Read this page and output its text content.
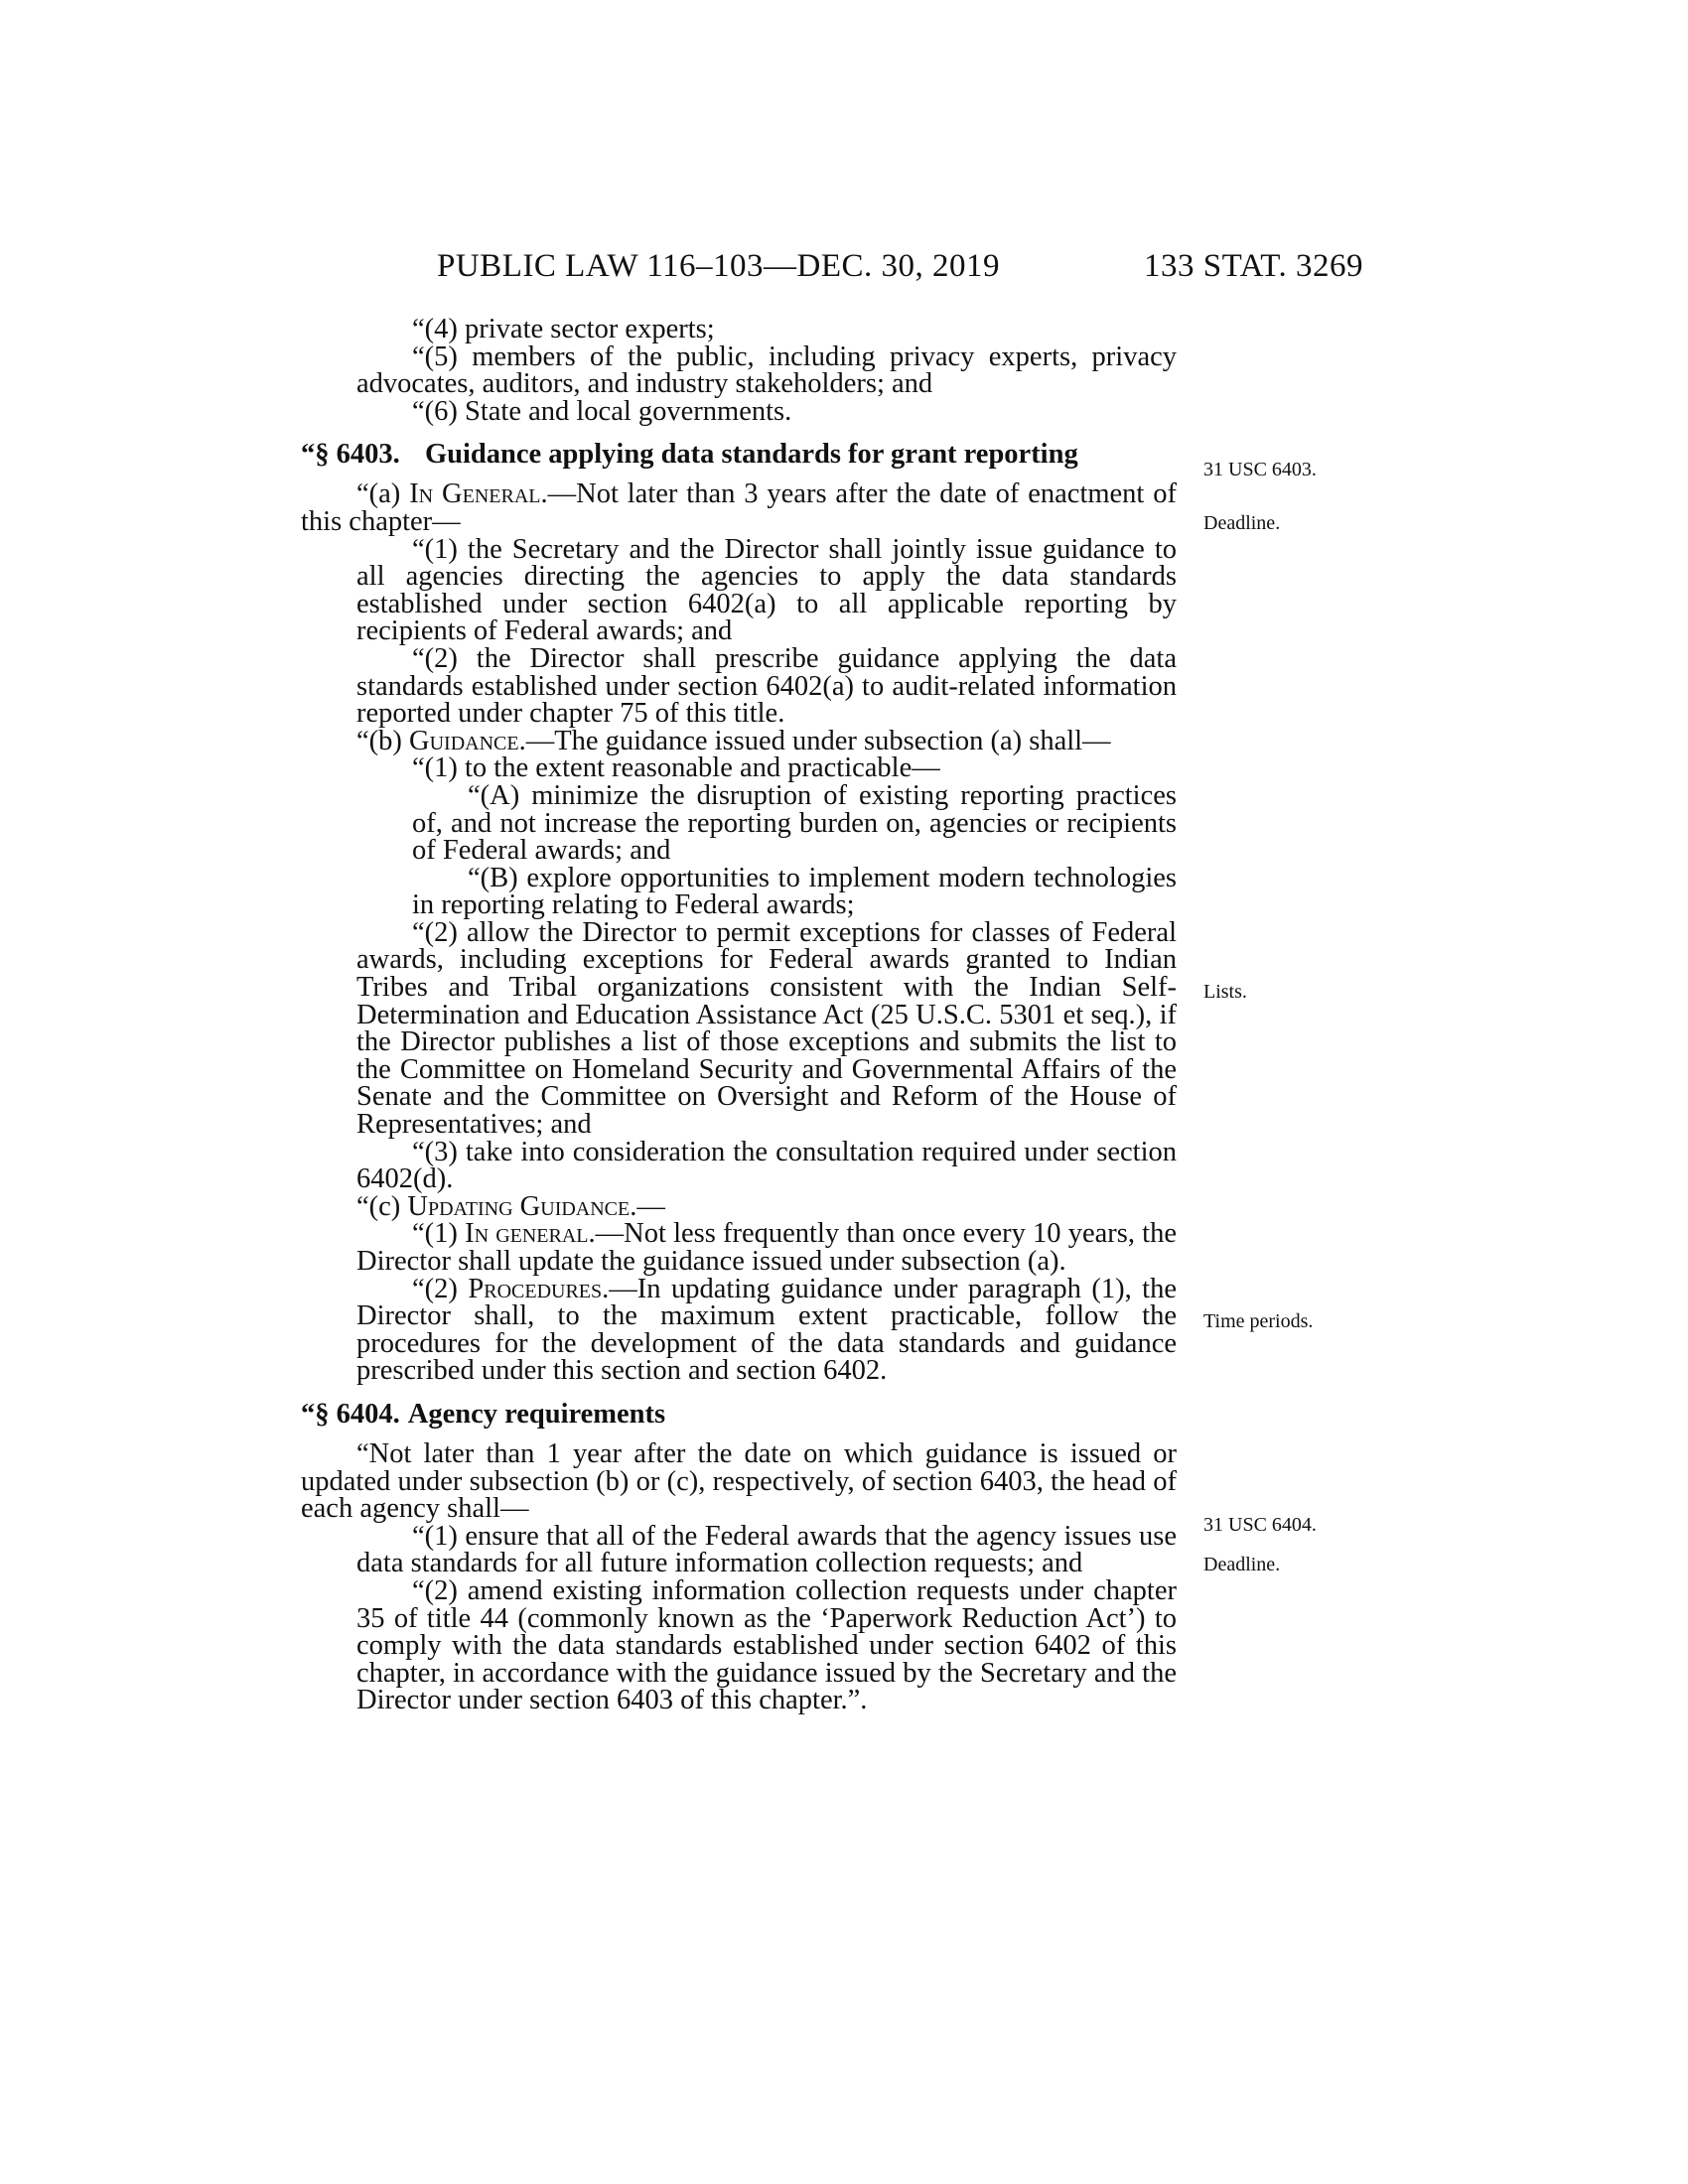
PUBLIC LAW 116–103—DEC. 30, 2019	133 STAT. 3269
31 USC 6403.
Deadline.
Lists.
Time periods.
31 USC 6404.
Deadline.

“(4) private sector experts;

“(5) members of the public, including privacy experts, privacy advocates, auditors, and industry stakeholders; and

“(6) State and local governments.

“§ 6403. Guidance applying data standards for grant reporting

“(a) In General.—Not later than 3 years after the date of enactment of this chapter—

“(1) the Secretary and the Director shall jointly issue guidance to all agencies directing the agencies to apply the data standards established under section 6402(a) to all applicable reporting by recipients of Federal awards; and

“(2) the Director shall prescribe guidance applying the data standards established under section 6402(a) to audit-related information reported under chapter 75 of this title.

“(b) Guidance.—The guidance issued under subsection (a) shall—

“(1) to the extent reasonable and practicable—

“(A) minimize the disruption of existing reporting practices of, and not increase the reporting burden on, agencies or recipients of Federal awards; and

“(B) explore opportunities to implement modern technologies in reporting relating to Federal awards;

“(2) allow the Director to permit exceptions for classes of Federal awards, including exceptions for Federal awards granted to Indian Tribes and Tribal organizations consistent with the Indian Self-Determination and Education Assistance Act (25 U.S.C. 5301 et seq.), if the Director publishes a list of those exceptions and submits the list to the Committee on Homeland Security and Governmental Affairs of the Senate and the Committee on Oversight and Reform of the House of Representatives; and

“(3) take into consideration the consultation required under section 6402(d).

“(c) Updating Guidance.—

“(1) In general.—Not less frequently than once every 10 years, the Director shall update the guidance issued under subsection (a).

“(2) Procedures.—In updating guidance under paragraph (1), the Director shall, to the maximum extent practicable, follow the procedures for the development of the data standards and guidance prescribed under this section and section 6402.

“§ 6404. Agency requirements

“Not later than 1 year after the date on which guidance is issued or updated under subsection (b) or (c), respectively, of section 6403, the head of each agency shall—

“(1) ensure that all of the Federal awards that the agency issues use data standards for all future information collection requests; and

“(2) amend existing information collection requests under chapter 35 of title 44 (commonly known as the ‘Paperwork Reduction Act’) to comply with the data standards established under section 6402 of this chapter, in accordance with the guidance issued by the Secretary and the Director under section 6403 of this chapter.”.
